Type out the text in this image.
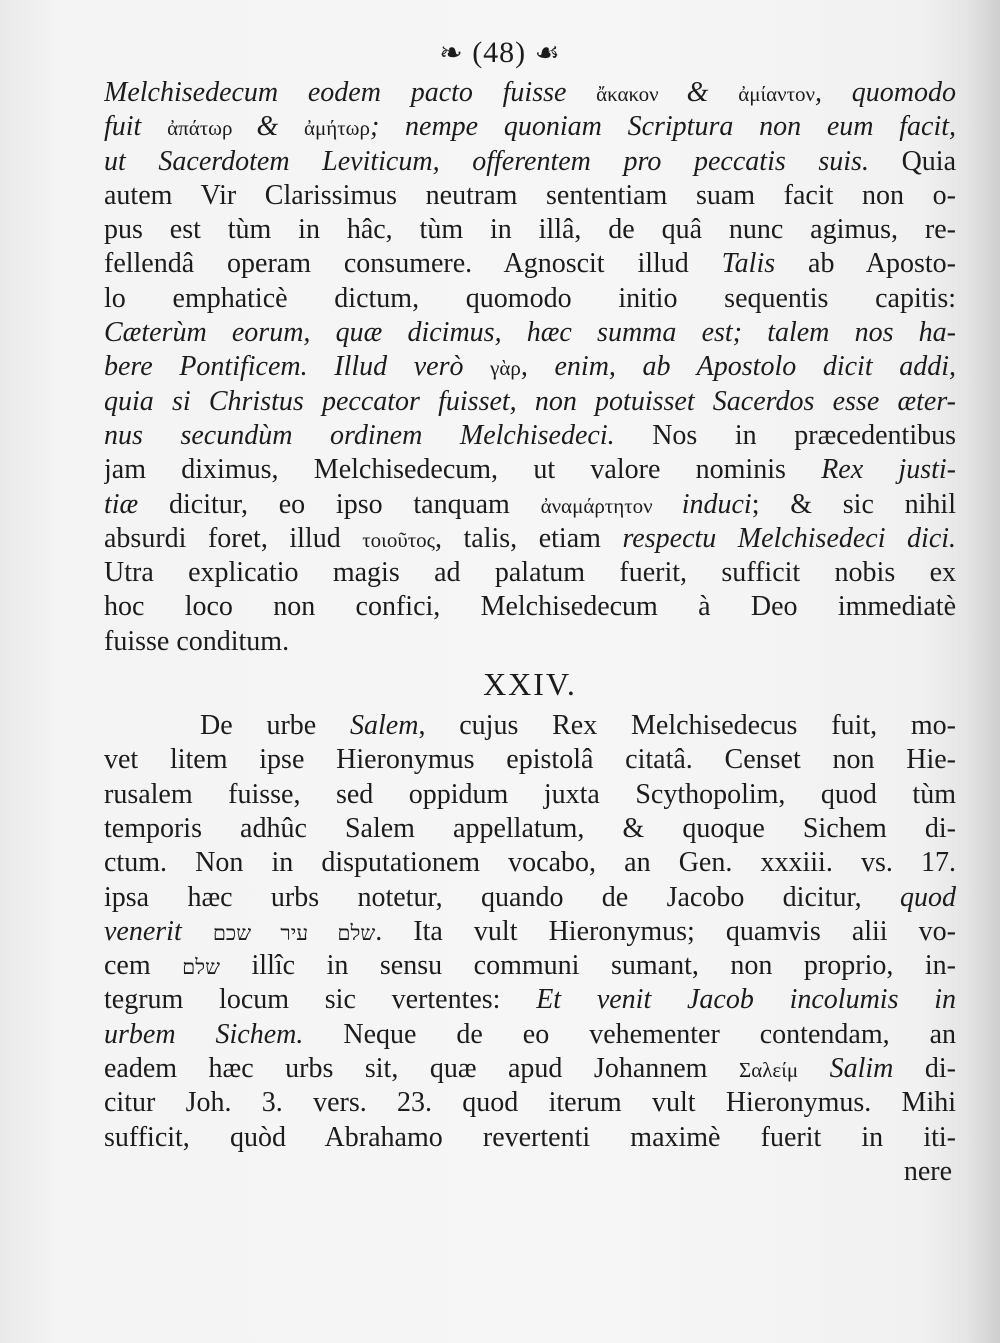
❧ (48) ☙
Melchisedecum eodem pacto fuisse ἄκακον & ἀμίαντον, quomodo
fuit ἀπάτωρ & ἀμήτωρ; nempe quoniam Scriptura non eum facit,
ut Sacerdotem Leviticum, offerentem pro peccatis suis. Quia
autem Vir Clarissimus neutram sententiam suam facit non o-
pus est tùm in hâc, tùm in illâ, de quâ nunc agimus, re-
fellendâ operam consumere. Agnoscit illud Talis ab Aposto-
lo emphaticè dictum, quomodo initio sequentis capitis:
Cæterùm eorum, quæ dicimus, hæc summa est; talem nos ha-
bere Pontificem. Illud verò γὰρ, enim, ab Apostolo dicit addi,
quia si Christus peccator fuisset, non potuisset Sacerdos esse æter-
nus secundùm ordinem Melchisedeci. Nos in præcedentibus
jam diximus, Melchisedecum, ut valore nominis Rex justi-
tiæ dicitur, eo ipso tanquam ἀναμάρτητον induci; & sic nihil
absurdi foret, illud τοιοῦτος, talis, etiam respectu Melchisedeci dici.
Utra explicatio magis ad palatum fuerit, sufficit nobis ex
hoc loco non confici, Melchisedecum à Deo immediatè
fuisse conditum.
XXIV.
De urbe Salem, cujus Rex Melchisedecus fuit, mo-
vet litem ipse Hieronymus epistolâ citatâ. Censet non Hie-
rusalem fuisse, sed oppidum juxta Scythopolim, quod tùm
temporis adhûc Salem appellatum, & quoque Sichem di-
ctum. Non in disputationem vocabo, an Gen. xxxiii. vs. 17.
ipsa hæc urbs notetur, quando de Jacobo dicitur, quod
venerit שלם עיר שכם. Ita vult Hieronymus; quamvis alii vo-
cem שלם illîc in sensu communi sumant, non proprio, in-
tegrum locum sic vertentes: Et venit Jacob incolumis in
urbem Sichem. Neque de eo vehementer contendam, an
eadem hæc urbs sit, quæ apud Johannem Σαλείμ Salim di-
citur Joh. 3. vers. 23. quod iterum vult Hieronymus. Mihi
sufficit, quòd Abrahamo revertenti maximè fuerit in iti-
nere
